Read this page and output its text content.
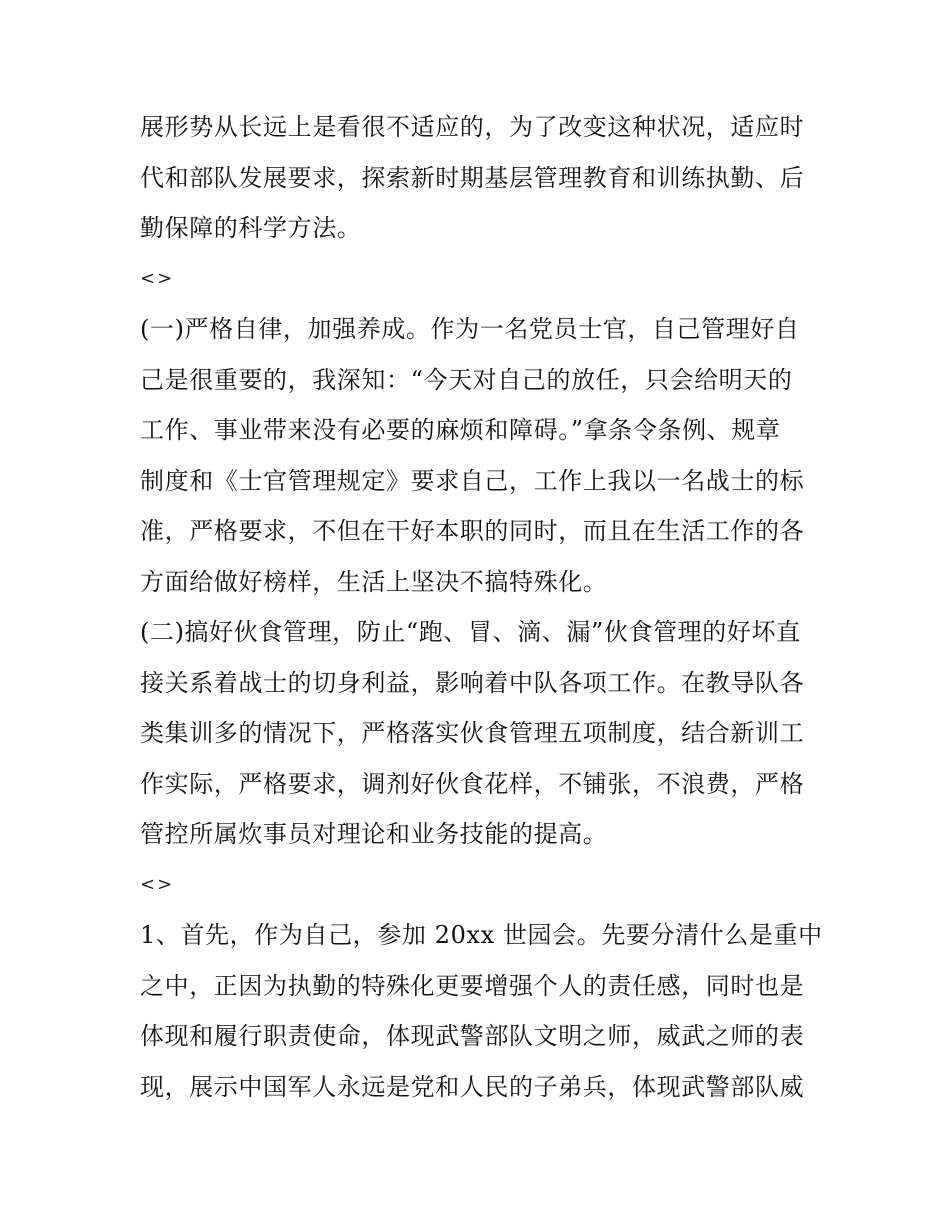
展形势从长远上是看很不适应的，为了改变这种状况，适应时
代和部队发展要求，探索新时期基层管理教育和训练执勤、后
勤保障的科学方法。
<>
(一)严格自律，加强养成。作为一名党员士官，自己管理好自
己是很重要的，我深知：“今天对自己的放任，只会给明天的
工作、事业带来没有必要的麻烦和障碍。”拿条令条例、规章
制度和《士官管理规定》要求自己，工作上我以一名战士的标
准，严格要求，不但在干好本职的同时，而且在生活工作的各
方面给做好榜样，生活上坚决不搞特殊化。
(二)搞好伙食管理，防止“跑、冒、滴、漏”伙食管理的好坏直
接关系着战士的切身利益，影响着中队各项工作。在教导队各
类集训多的情况下，严格落实伙食管理五项制度，结合新训工
作实际，严格要求，调剂好伙食花样，不铺张，不浪费，严格
管控所属炊事员对理论和业务技能的提高。
<>
1、首先，作为自己，参加 20xx 世园会。先要分清什么是重中
之中，正因为执勤的特殊化更要增强个人的责任感，同时也是
体现和履行职责使命，体现武警部队文明之师，威武之师的表
现，展示中国军人永远是党和人民的子弟兵，体现武警部队威
